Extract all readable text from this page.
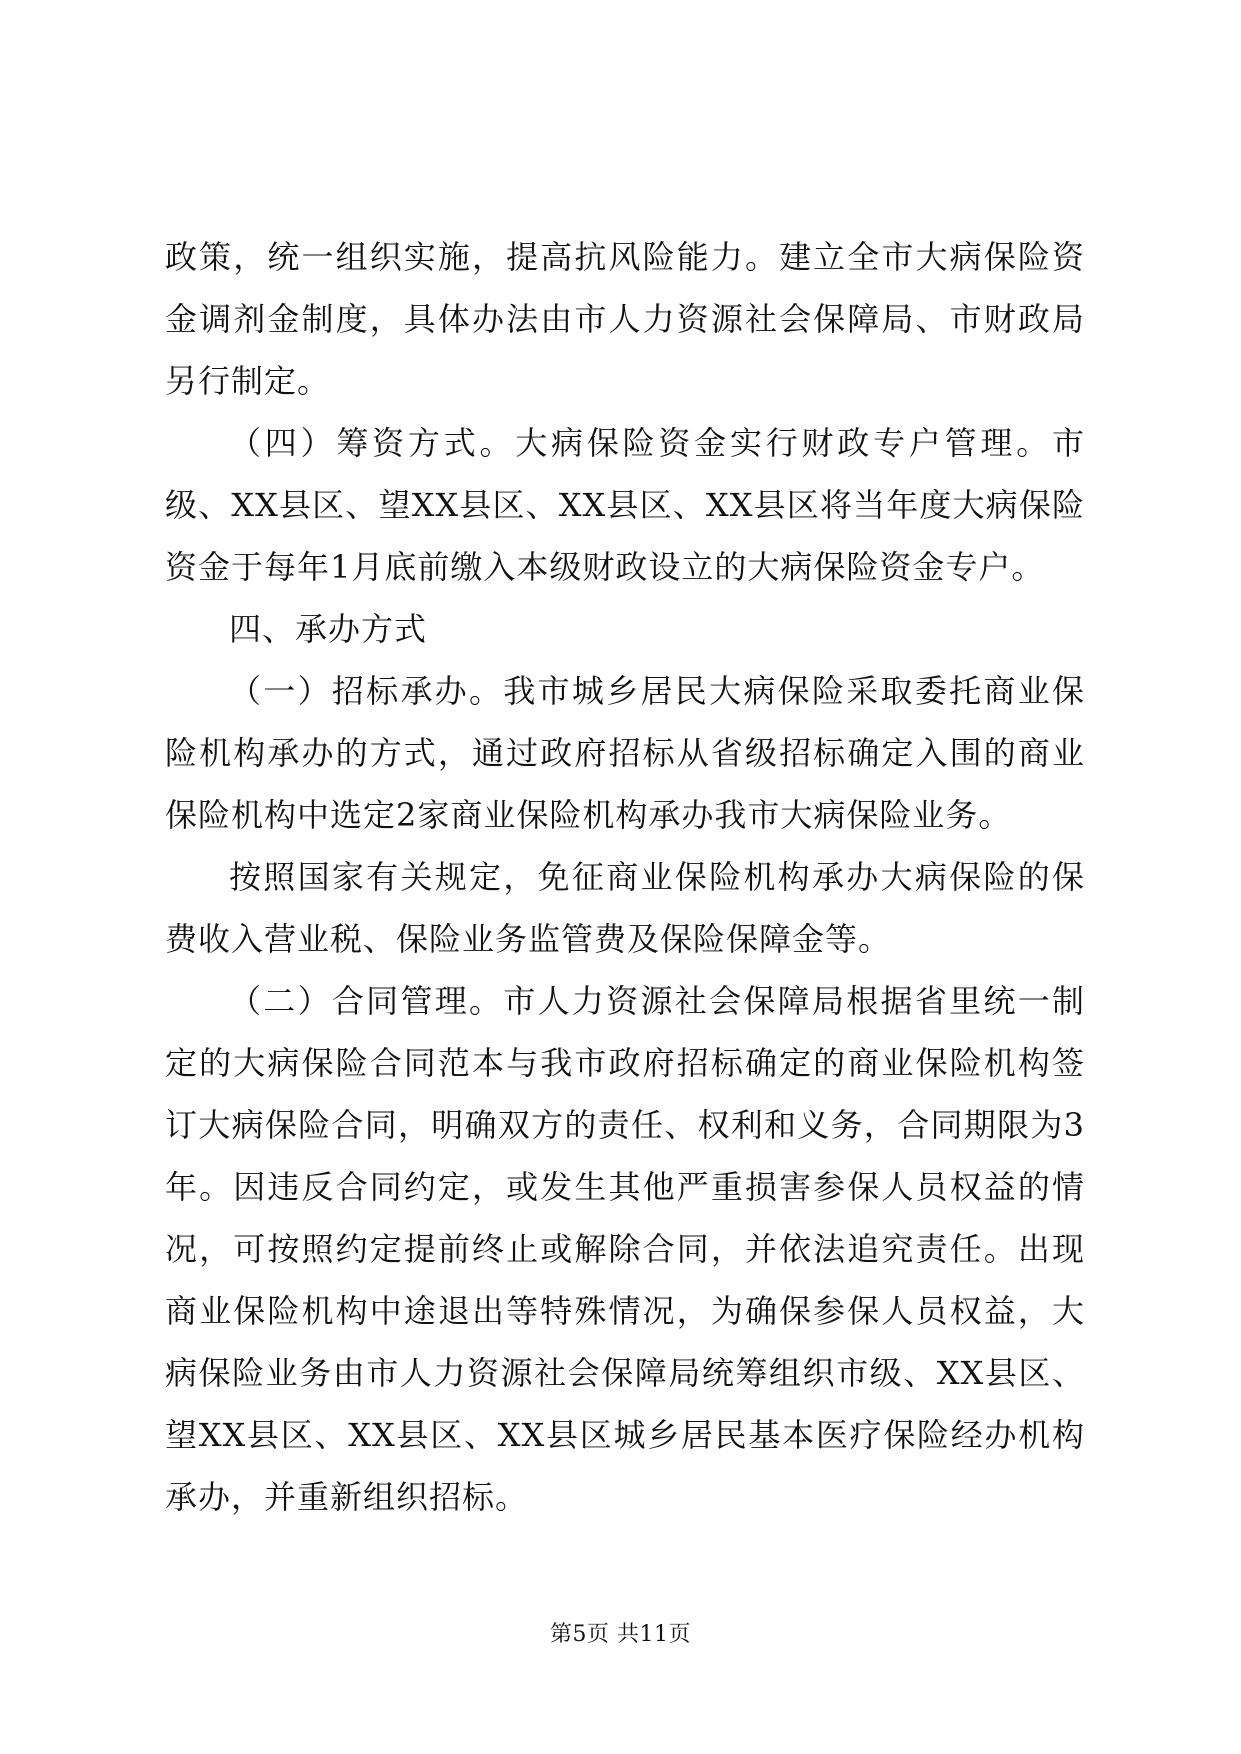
政策，统一组织实施，提高抗风险能力。建立全市大病保险资金调剂金制度，具体办法由市人力资源社会保障局、市财政局另行制定。

（四）筹资方式。大病保险资金实行财政专户管理。市级、XX县区、望XX县区、XX县区、XX县区将当年度大病保险资金于每年1月底前缴入本级财政设立的大病保险资金专户。

四、承办方式

（一）招标承办。我市城乡居民大病保险采取委托商业保险机构承办的方式，通过政府招标从省级招标确定入围的商业保险机构中选定2家商业保险机构承办我市大病保险业务。

按照国家有关规定，免征商业保险机构承办大病保险的保费收入营业税、保险业务监管费及保险保障金等。

（二）合同管理。市人力资源社会保障局根据省里统一制定的大病保险合同范本与我市政府招标确定的商业保险机构签订大病保险合同，明确双方的责任、权利和义务，合同期限为3年。因违反合同约定，或发生其他严重损害参保人员权益的情况，可按照约定提前终止或解除合同，并依法追究责任。出现商业保险机构中途退出等特殊情况，为确保参保人员权益，大病保险业务由市人力资源社会保障局统筹组织市级、XX县区、望XX县区、XX县区、XX县区城乡居民基本医疗保险经办机构承办，并重新组织招标。

第5页 共11页
